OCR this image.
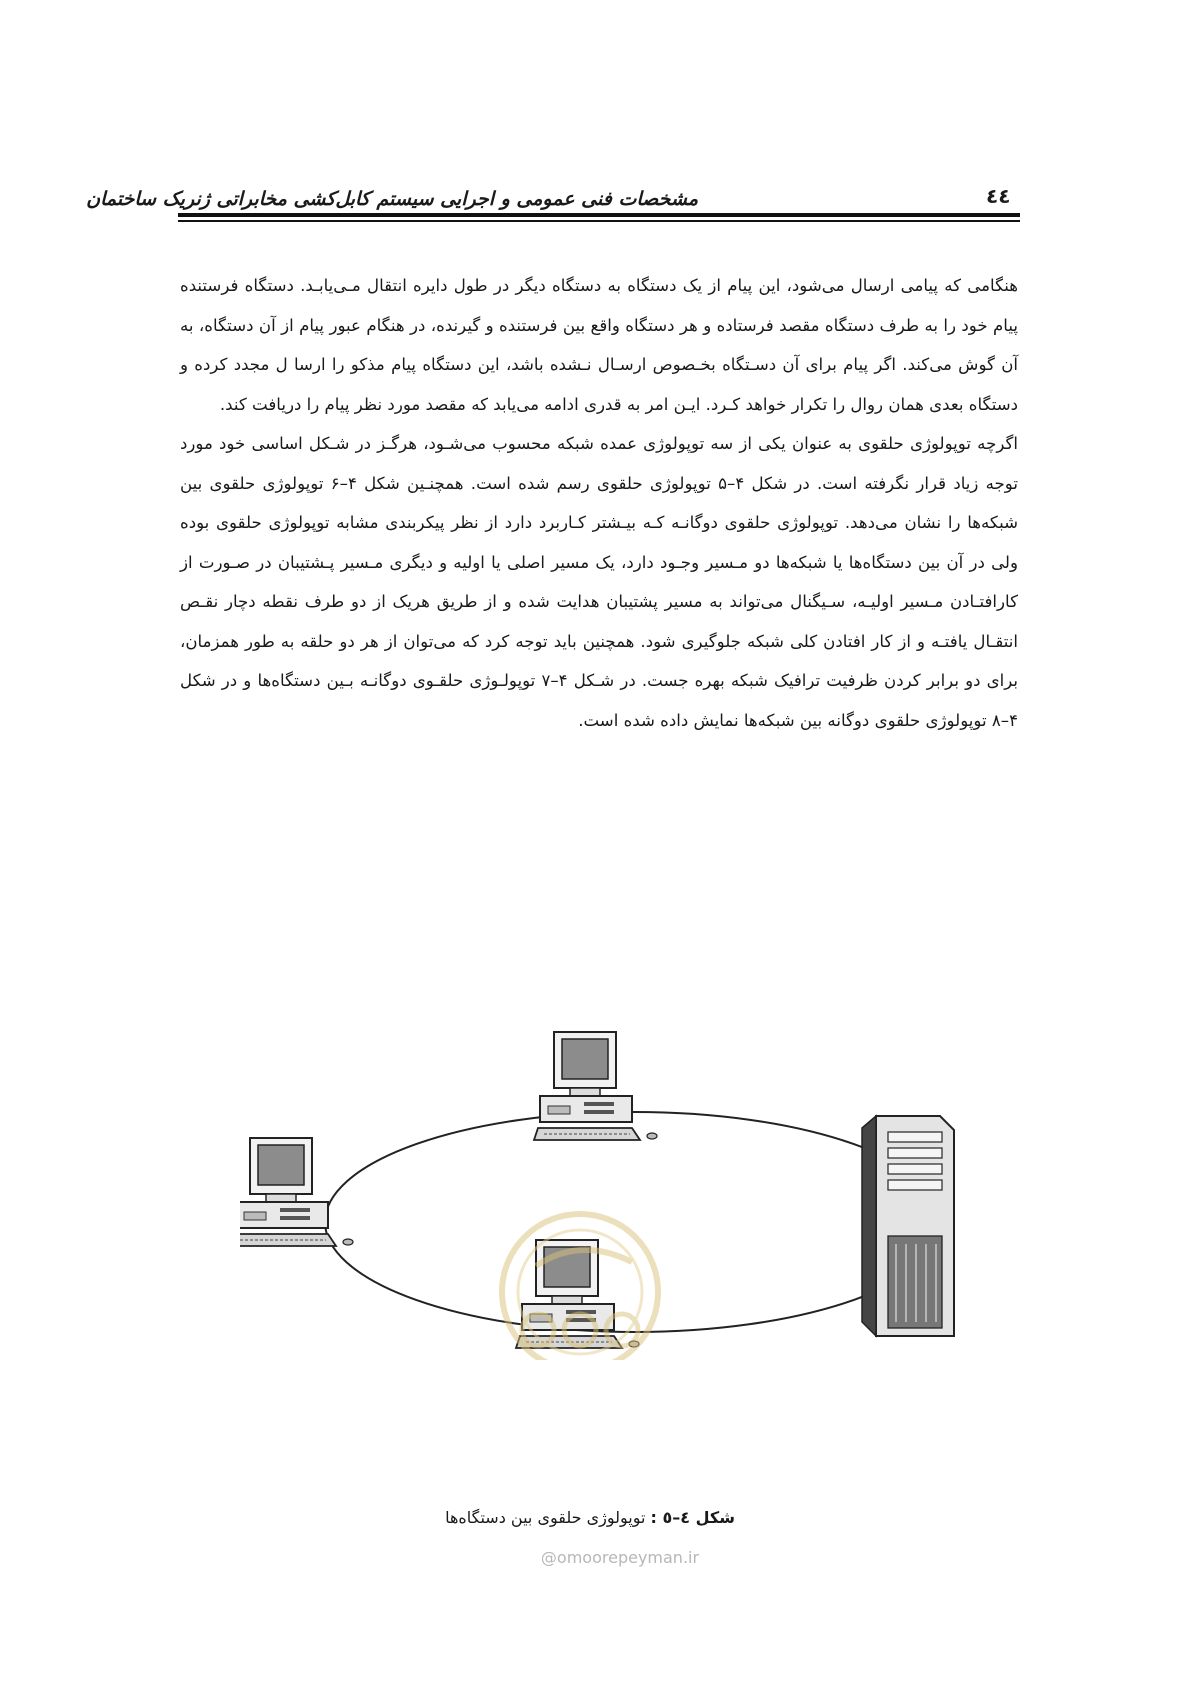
مشخصات فنی عمومی و اجرایی سیستم کابل‌کشی مخابراتی ژنریک ساختمان	٤٤

هنگامی که پیامی ارسال می‌شود، این پیام از یک دستگاه به دستگاه دیگر در طول دایره انتقال مـی‌یابـد. دستگاه فرستنده پیام خود را به طرف دستگاه مقصد فرستاده و هر دستگاه واقع بین فرستنده و گیرنده، در هنگام عبور پیام از آن دستگاه، به آن گوش می‌کند. اگر پیام برای آن دسـتگاه بخـصوص ارسـال نـشده باشد، این دستگاه پیام مذکو را ارسا ل مجدد کرده و دستگاه بعدی همان روال را تکرار خواهد کـرد. ایـن امر به قدری ادامه می‌یابد که مقصد مورد نظر پیام را دریافت کند.

اگرچه توپولوژی حلقوی به عنوان یکی از سه توپولوژی عمده شبکه محسوب می‌شـود، هرگـز در شـکل اساسی خود مورد توجه زیاد قرار نگرفته است. در شکل ۴–۵ توپولوژی حلقوی رسم شده است. همچنـین شکل ۴–۶ توپولوژی حلقوی بین شبکه‌ها را نشان می‌دهد. توپولوژی حلقوی دوگانـه کـه بیـشتر کـاربرد دارد از نظر پیکربندی مشابه توپولوژی حلقوی بوده ولی در آن بین دستگاه‌ها یا شبکه‌ها دو مـسیر وجـود دارد، یک مسیر اصلی یا اولیه و دیگری مـسیر پـشتیبان در صـورت از کارافتـادن مـسیر اولیـه، سـیگنال می‌تواند به مسیر پشتیبان هدایت شده و از طریق هریک از دو طرف نقطه دچار نقـص انتقـال یافتـه و از کار افتادن کلی شبکه جلوگیری شود. همچنین باید توجه کرد که می‌توان از هر دو حلقه به طور همزمان، برای دو برابر کردن ظرفیت ترافیک شبکه بهره جست. در شـکل ۴–۷ توپولـوژی حلقـوی دوگانـه بـین دستگاه‌ها و در شکل ۴–۸ توپولوژی حلقوی دوگانه بین شبکه‌ها نمایش داده شده است.

شکل ٤–٥ : توپولوژی حلقوی بین دستگاه‌ها
@omoorepeyman.ir
